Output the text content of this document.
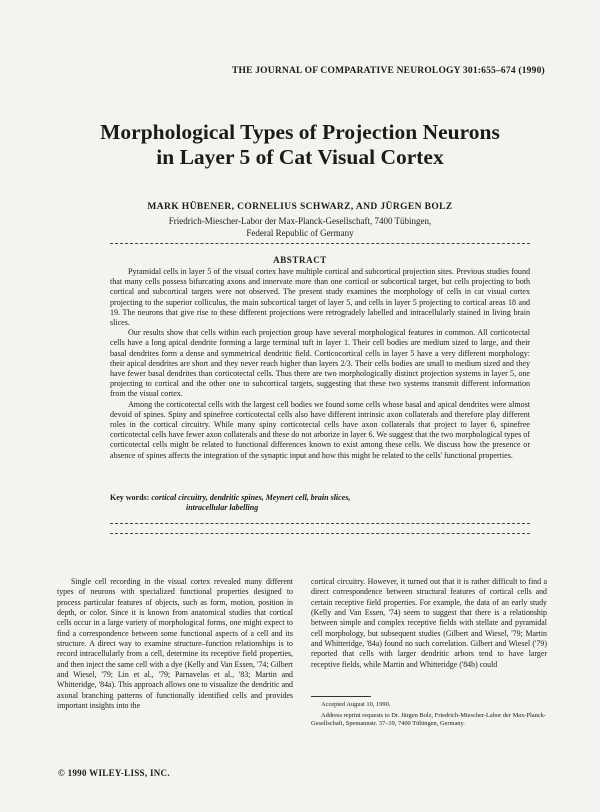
THE JOURNAL OF COMPARATIVE NEUROLOGY 301:655–674 (1990)
Morphological Types of Projection Neurons
in Layer 5 of Cat Visual Cortex
MARK HÜBENER, CORNELIUS SCHWARZ, AND JÜRGEN BOLZ
Friedrich-Miescher-Labor der Max-Planck-Gesellschaft, 7400 Tübingen,
Federal Republic of Germany
ABSTRACT

Pyramidal cells in layer 5 of the visual cortex have multiple cortical and subcortical projection sites. Previous studies found that many cells possess bifurcating axons and innervate more than one cortical or subcortical target, but cells projecting to both cortical and subcortical targets were not observed. The present study examines the morphology of cells in cat visual cortex projecting to the superior colliculus, the main subcortical target of layer 5, and cells in layer 5 projecting to cortical areas 18 and 19. The neurons that give rise to these different projections were retrogradely labelled and intracellularly stained in living brain slices.

Our results show that cells within each projection group have several morphological features in common. All corticotectal cells have a long apical dendrite forming a large terminal tuft in layer 1. Their cell bodies are medium sized to large, and their basal dendrites form a dense and symmetrical dendritic field. Corticocortical cells in layer 5 have a very different morphology: their apical dendrites are short and they never reach higher than layers 2/3. Their cells bodies are small to medium sized and they have fewer basal dendrites than corticotectal cells. Thus there are two morphologically distinct projection systems in layer 5, one projecting to cortical and the other one to subcortical targets, suggesting that these two systems transmit different information from the visual cortex.

Among the corticotectal cells with the largest cell bodies we found some cells whose basal and apical dendrites were almost devoid of spines. Spiny and spinefree corticotectal cells also have different intrinsic axon collaterals and therefore play different roles in the cortical circuitry. While many spiny corticotectal cells have axon collaterals that project to layer 6, spinefree corticotectal cells have fewer axon collaterals and these do not arborize in layer 6. We suggest that the two morphological types of corticotectal cells might be related to functional differences known to exist among these cells. We discuss how the presence or absence of spines affects the integration of the synaptic input and how this might be related to the cells' functional properties.

Key words: cortical circuitry, dendritic spines, Meynert cell, brain slices,
intracellular labelling
Single cell recording in the visual cortex revealed many different types of neurons with specialized functional properties designed to process particular features of objects, such as form, motion, position in depth, or color. Since it is known from anatomical studies that cortical cells occur in a large variety of morphological forms, one might expect to find a correspondence between some functional aspects of a cell and its structure. A direct way to examine structure–function relationships is to record intracellularly from a cell, determine its receptive field properties, and then inject the same cell with a dye (Kelly and Van Essen, '74; Gilbert and Wiesel, '79; Lin et al., '79; Parnavelas et al., '83; Martin and Whitteridge, '84a). This approach allows one to visualize the dendritic and axonal branching patterns of functionally identified cells and provides important insights into the
cortical circuitry. However, it turned out that it is rather difficult to find a direct correspondence between structural features of cortical cells and certain receptive field properties. For example, the data of an early study (Kelly and Van Essen, '74) seem to suggest that there is a relationship between simple and complex receptive fields with stellate and pyramidal cell morphology, but subsequent studies (Gilbert and Wiesel, '79; Martin and Whitteridge, '84a) found no such correlation. Gilbert and Wiesel ('79) reported that cells with larger dendritic arbors tend to have larger receptive fields, while Martin and Whitteridge ('84b) could

Accepted August 10, 1990.

Address reprint requests to Dr. Jürgen Bolz, Friedrich-Miescher-Labor der Max-Planck-Gesellschaft, Spemannstr. 37–39, 7400 Tübingen, Germany.

© 1990 WILEY-LISS, INC.
